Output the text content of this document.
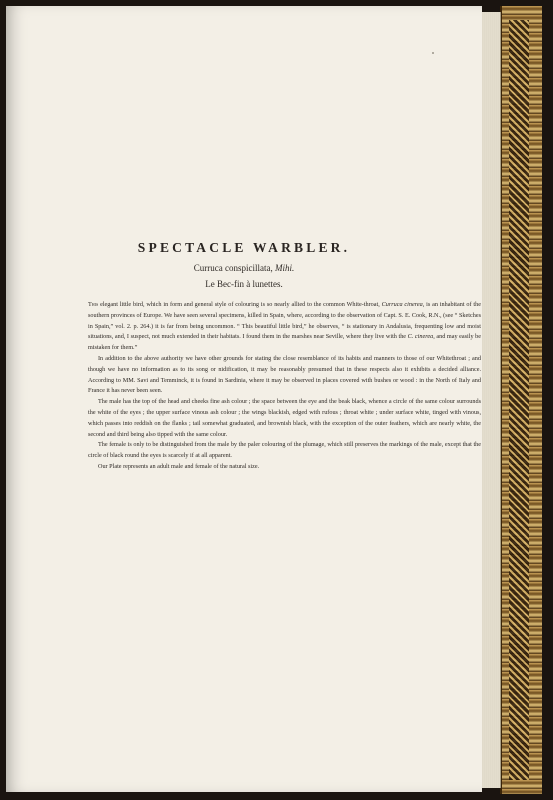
SPECTACLE WARBLER.
Curruca conspicillata, Mihi.
Le Bec-fin à lunettes.

This elegant little bird, which in form and general style of colouring is so nearly allied to the common White-throat, Curruca cinerea, is an inhabitant of the southern provinces of Europe. We have seen several specimens, killed in Spain, where, according to the observation of Capt. S. E. Cook, R.N., (see “ Sketches in Spain,” vol. 2. p. 264.) it is far from being uncommon. “ This beautiful little bird,” he observes, “ is stationary in Andalusia, frequenting low and moist situations, and, I suspect, not much extended in their habitats. I found them in the marshes near Seville, where they live with the C. cinerea, and may easily be mistaken for them.”

In addition to the above authority we have other grounds for stating the close resemblance of its habits and manners to those of our Whitethroat ; and though we have no information as to its song or nidification, it may be reasonably presumed that in these respects also it exhibits a decided alliance. According to MM. Savi and Temminck, it is found in Sardinia, where it may be observed in places covered with bushes or wood : in the North of Italy and France it has never been seen.

The male has the top of the head and cheeks fine ash colour ; the space between the eye and the beak black, whence a circle of the same colour surrounds the white of the eyes ; the upper surface vinous ash colour ; the wings blackish, edged with rufous ; throat white ; under surface white, tinged with vinous, which passes into reddish on the flanks ; tail somewhat graduated, and brownish black, with the exception of the outer feathers, which are nearly white, the second and third being also tipped with the same colour.

The female is only to be distinguished from the male by the paler colouring of the plumage, which still preserves the markings of the male, except that the circle of black round the eyes is scarcely if at all apparent.

Our Plate represents an adult male and female of the natural size.
